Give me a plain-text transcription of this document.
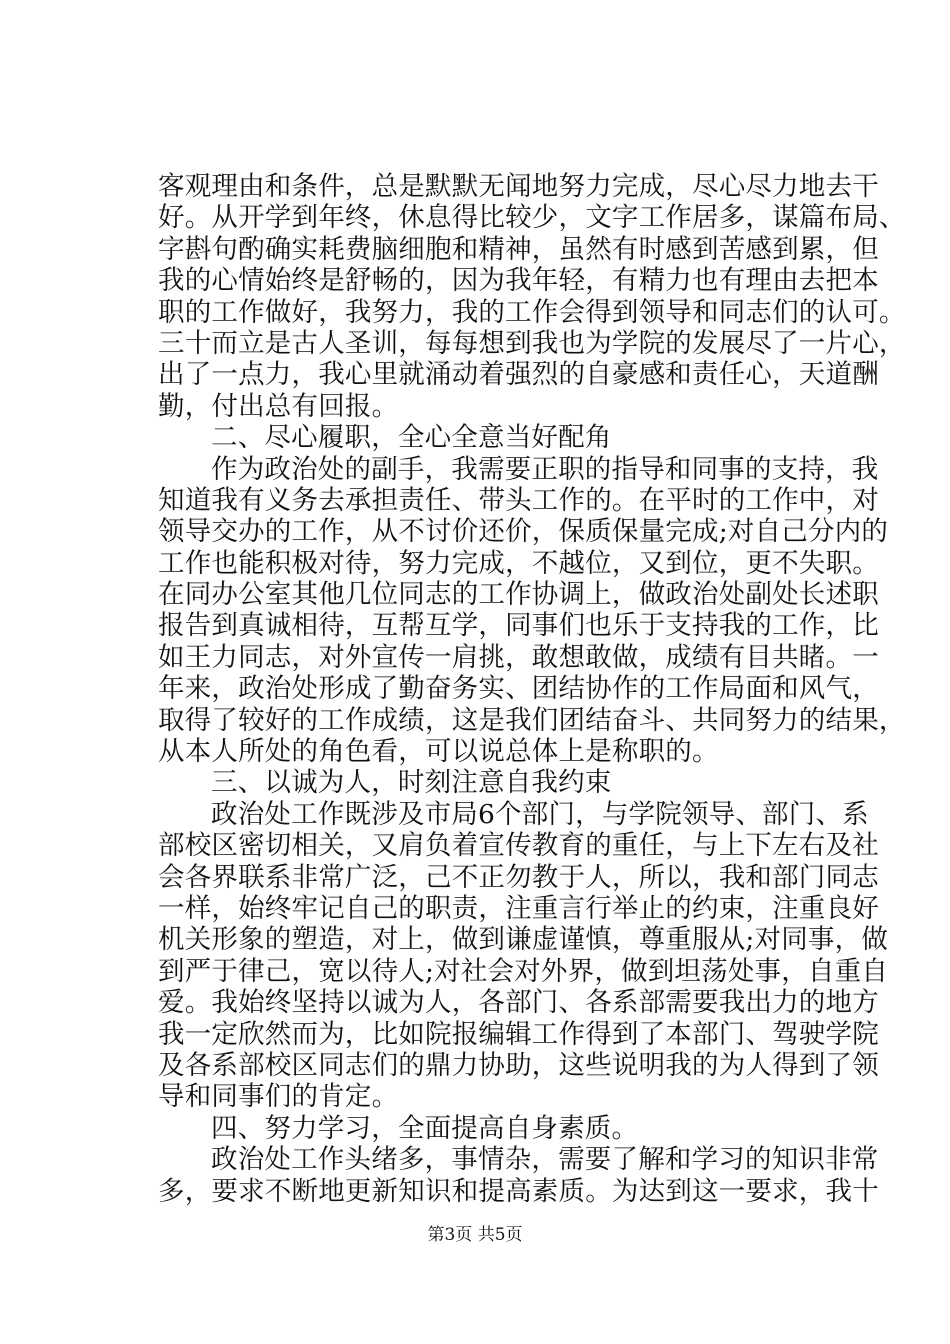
客观理由和条件，总是默默无闻地努力完成，尽心尽力地去干
好。从开学到年终，休息得比较少，文字工作居多，谋篇布局、
字斟句酌确实耗费脑细胞和精神，虽然有时感到苦感到累，但
我的心情始终是舒畅的，因为我年轻，有精力也有理由去把本
职的工作做好，我努力，我的工作会得到领导和同志们的认可。
三十而立是古人圣训，每每想到我也为学院的发展尽了一片心，
出了一点力，我心里就涌动着强烈的自豪感和责任心，天道酬
勤，付出总有回报。
二、尽心履职，全心全意当好配角
作为政治处的副手，我需要正职的指导和同事的支持，我
知道我有义务去承担责任、带头工作的。在平时的工作中，对
领导交办的工作，从不讨价还价，保质保量完成;对自己分内的
工作也能积极对待，努力完成，不越位，又到位，更不失职。
在同办公室其他几位同志的工作协调上，做政治处副处长述职
报告到真诚相待，互帮互学，同事们也乐于支持我的工作，比
如王力同志，对外宣传一肩挑，敢想敢做，成绩有目共睹。一
年来，政治处形成了勤奋务实、团结协作的工作局面和风气，
取得了较好的工作成绩，这是我们团结奋斗、共同努力的结果，
从本人所处的角色看，可以说总体上是称职的。
三、以诚为人，时刻注意自我约束
政治处工作既涉及市局6个部门，与学院领导、部门、系
部校区密切相关，又肩负着宣传教育的重任，与上下左右及社
会各界联系非常广泛，己不正勿教于人，所以，我和部门同志
一样，始终牢记自己的职责，注重言行举止的约束，注重良好
机关形象的塑造，对上，做到谦虚谨慎，尊重服从;对同事，做
到严于律己，宽以待人;对社会对外界，做到坦荡处事，自重自
爱。我始终坚持以诚为人，各部门、各系部需要我出力的地方
我一定欣然而为，比如院报编辑工作得到了本部门、驾驶学院
及各系部校区同志们的鼎力协助，这些说明我的为人得到了领
导和同事们的肯定。
四、努力学习，全面提高自身素质。
政治处工作头绪多，事情杂，需要了解和学习的知识非常
多，要求不断地更新知识和提高素质。为达到这一要求，我十
第3页 共5页
